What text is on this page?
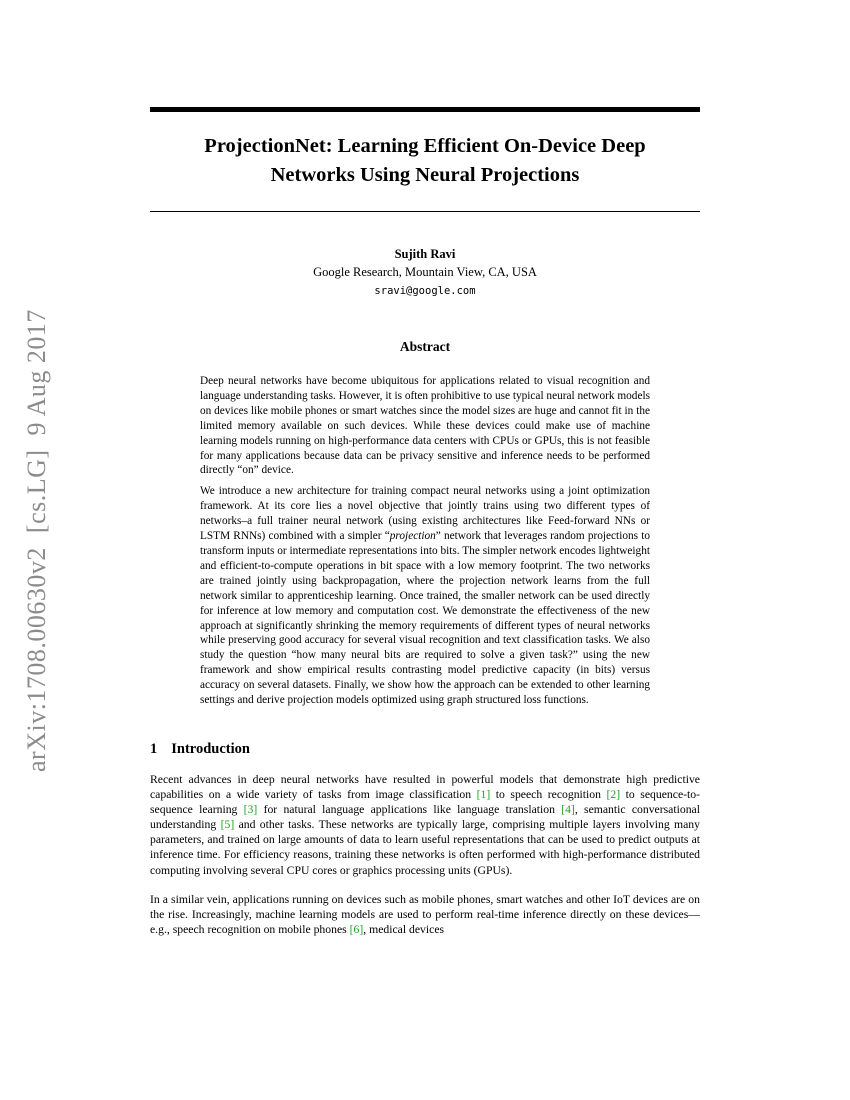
arXiv:1708.00630v2  [cs.LG]  9 Aug 2017
ProjectionNet: Learning Efficient On-Device Deep
Networks Using Neural Projections
Sujith Ravi
Google Research, Mountain View, CA, USA
sravi@google.com
Abstract

Deep neural networks have become ubiquitous for applications related to visual recognition and language understanding tasks. However, it is often prohibitive to use typical neural network models on devices like mobile phones or smart watches since the model sizes are huge and cannot fit in the limited memory available on such devices. While these devices could make use of machine learning models running on high-performance data centers with CPUs or GPUs, this is not feasible for many applications because data can be privacy sensitive and inference needs to be performed directly “on” device.

We introduce a new architecture for training compact neural networks using a joint optimization framework. At its core lies a novel objective that jointly trains using two different types of networks–a full trainer neural network (using existing architectures like Feed-forward NNs or LSTM RNNs) combined with a simpler “projection” network that leverages random projections to transform inputs or intermediate representations into bits. The simpler network encodes lightweight and efficient-to-compute operations in bit space with a low memory footprint. The two networks are trained jointly using backpropagation, where the projection network learns from the full network similar to apprenticeship learning. Once trained, the smaller network can be used directly for inference at low memory and computation cost. We demonstrate the effectiveness of the new approach at significantly shrinking the memory requirements of different types of neural networks while preserving good accuracy for several visual recognition and text classification tasks. We also study the question “how many neural bits are required to solve a given task?” using the new framework and show empirical results contrasting model predictive capacity (in bits) versus accuracy on several datasets. Finally, we show how the approach can be extended to other learning settings and derive projection models optimized using graph structured loss functions.

1 Introduction

Recent advances in deep neural networks have resulted in powerful models that demonstrate high predictive capabilities on a wide variety of tasks from image classification [1] to speech recognition [2] to sequence-to-sequence learning [3] for natural language applications like language translation [4], semantic conversational understanding [5] and other tasks. These networks are typically large, comprising multiple layers involving many parameters, and trained on large amounts of data to learn useful representations that can be used to predict outputs at inference time. For efficiency reasons, training these networks is often performed with high-performance distributed computing involving several CPU cores or graphics processing units (GPUs).

In a similar vein, applications running on devices such as mobile phones, smart watches and other IoT devices are on the rise. Increasingly, machine learning models are used to perform real-time inference directly on these devices—e.g., speech recognition on mobile phones [6], medical devices
